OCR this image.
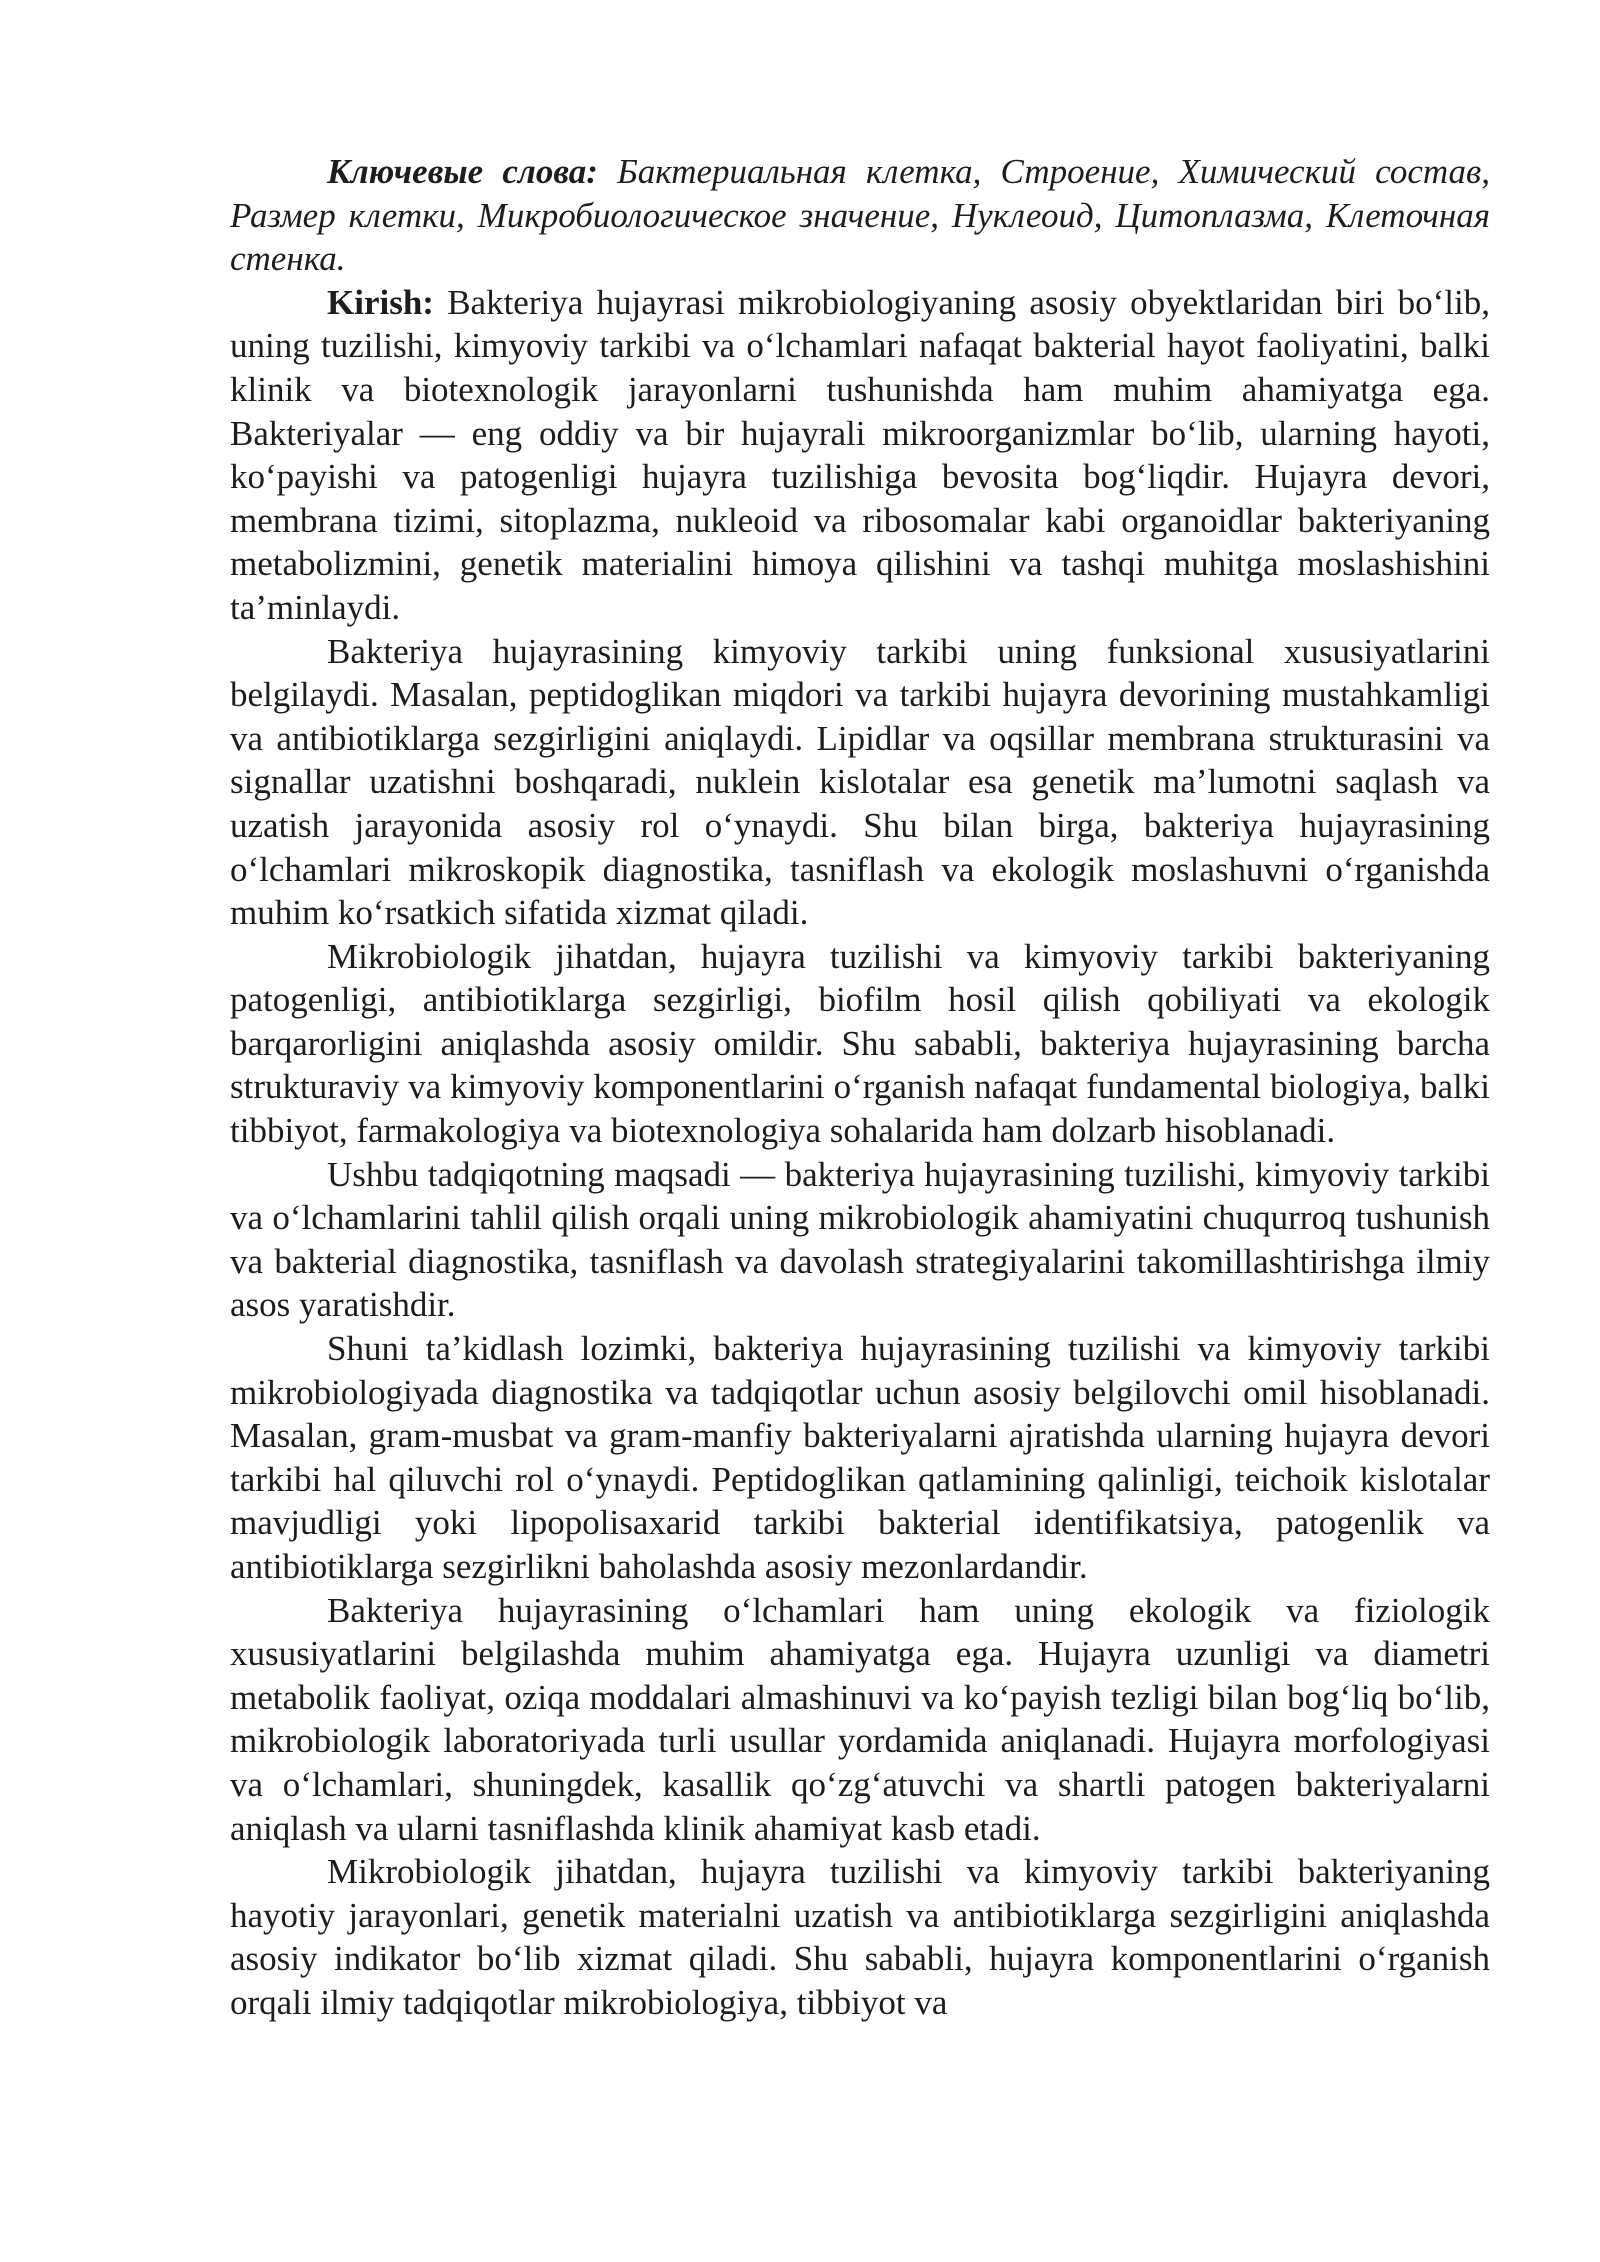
Ключевые слова: Бактериальная клетка, Строение, Химический состав, Размер клетки, Микробиологическое значение, Нуклеоид, Цитоплазма, Клеточная стенка.

Kirish: Bakteriya hujayrasi mikrobiologiyaning asosiy obyektlaridan biri bo‘lib, uning tuzilishi, kimyoviy tarkibi va o‘lchamlari nafaqat bakterial hayot faoliyatini, balki klinik va biotexnologik jarayonlarni tushunishda ham muhim ahamiyatga ega. Bakteriyalar — eng oddiy va bir hujayrali mikroorganizmlar bo‘lib, ularning hayoti, ko‘payishi va patogenligi hujayra tuzilishiga bevosita bog‘liqdir. Hujayra devori, membrana tizimi, sitoplazma, nukleoid va ribosomalar kabi organoidlar bakteriyaning metabolizmini, genetik materialini himoya qilishini va tashqi muhitga moslashishini ta’minlaydi.

Bakteriya hujayrasining kimyoviy tarkibi uning funksional xususiyatlarini belgilaydi. Masalan, peptidoglikan miqdori va tarkibi hujayra devorining mustahkamligi va antibiotiklarga sezgirligini aniqlaydi. Lipidlar va oqsillar membrana strukturasini va signallar uzatishni boshqaradi, nuklein kislotalar esa genetik ma’lumotni saqlash va uzatish jarayonida asosiy rol o‘ynaydi. Shu bilan birga, bakteriya hujayrasining o‘lchamlari mikroskopik diagnostika, tasniflash va ekologik moslashuvni o‘rganishda muhim ko‘rsatkich sifatida xizmat qiladi.

Mikrobiologik jihatdan, hujayra tuzilishi va kimyoviy tarkibi bakteriyaning patogenligi, antibiotiklarga sezgirligi, biofilm hosil qilish qobiliyati va ekologik barqarorligini aniqlashda asosiy omildir. Shu sababli, bakteriya hujayrasining barcha strukturaviy va kimyoviy komponentlarini o‘rganish nafaqat fundamental biologiya, balki tibbiyot, farmakologiya va biotexnologiya sohalarida ham dolzarb hisoblanadi.

Ushbu tadqiqotning maqsadi — bakteriya hujayrasining tuzilishi, kimyoviy tarkibi va o‘lchamlarini tahlil qilish orqali uning mikrobiologik ahamiyatini chuqurroq tushunish va bakterial diagnostika, tasniflash va davolash strategiyalarini takomillashtirishga ilmiy asos yaratishdir.

Shuni ta’kidlash lozimki, bakteriya hujayrasining tuzilishi va kimyoviy tarkibi mikrobiologiyada diagnostika va tadqiqotlar uchun asosiy belgilovchi omil hisoblanadi. Masalan, gram-musbat va gram-manfiy bakteriyalarni ajratishda ularning hujayra devori tarkibi hal qiluvchi rol o‘ynaydi. Peptidoglikan qatlamining qalinligi, teichoik kislotalar mavjudligi yoki lipopolisaxarid tarkibi bakterial identifikatsiya, patogenlik va antibiotiklarga sezgirlikni baholashda asosiy mezonlardandir.

Bakteriya hujayrasining o‘lchamlari ham uning ekologik va fiziologik xususiyatlarini belgilashda muhim ahamiyatga ega. Hujayra uzunligi va diametri metabolik faoliyat, oziqa moddalari almashinuvi va ko‘payish tezligi bilan bog‘liq bo‘lib, mikrobiologik laboratoriyada turli usullar yordamida aniqlanadi. Hujayra morfologiyasi va o‘lchamlari, shuningdek, kasallik qo‘zg‘atuvchi va shartli patogen bakteriyalarni aniqlash va ularni tasniflashda klinik ahamiyat kasb etadi.

Mikrobiologik jihatdan, hujayra tuzilishi va kimyoviy tarkibi bakteriyaning hayotiy jarayonlari, genetik materialni uzatish va antibiotiklarga sezgirligini aniqlashda asosiy indikator bo‘lib xizmat qiladi. Shu sababli, hujayra komponentlarini o‘rganish orqali ilmiy tadqiqotlar mikrobiologiya, tibbiyot va
